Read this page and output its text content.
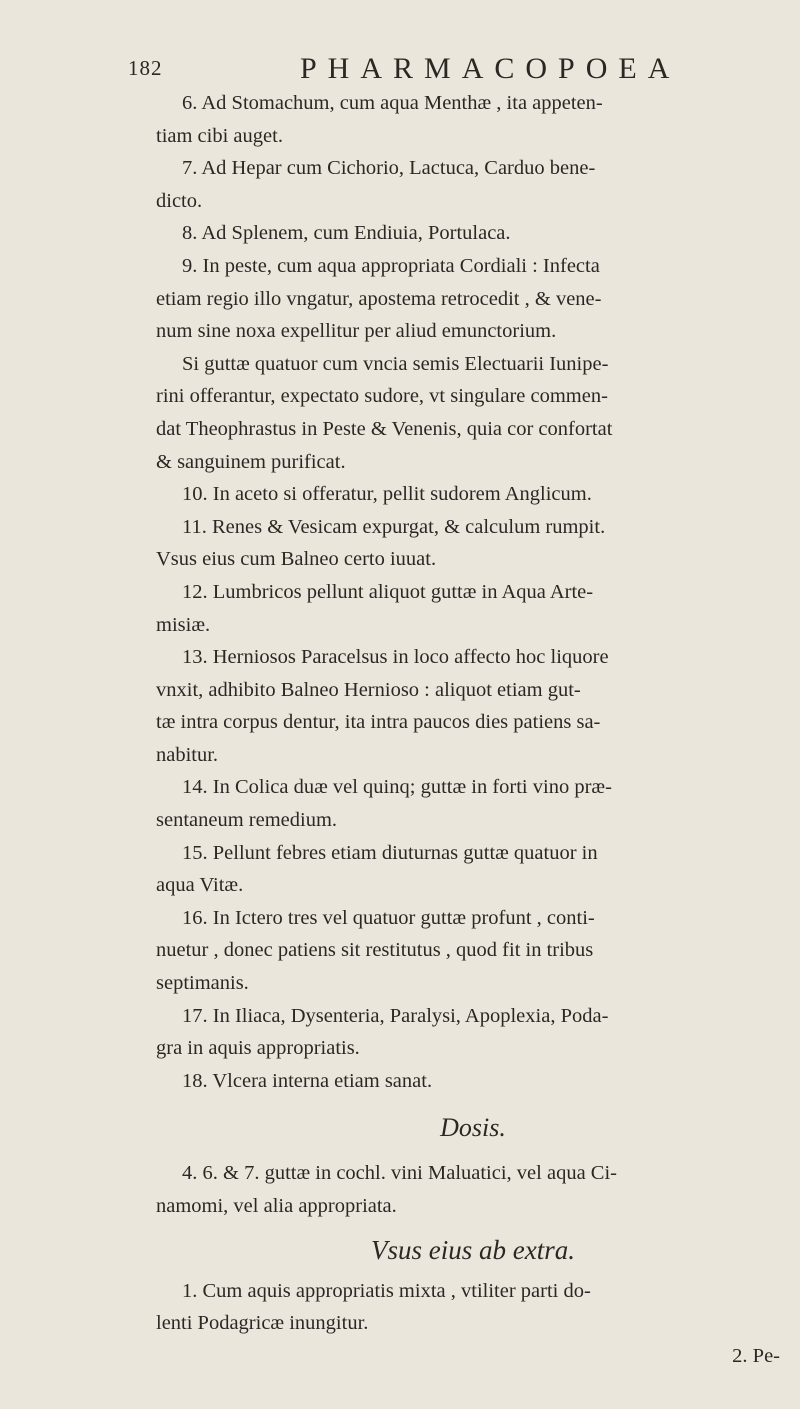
182	PHARMACOPOEA
6. Ad Stomachum, cum aqua Menthæ , ita appeten-
tiam cibi auget.
7. Ad Hepar cum Cichorio, Lactuca, Carduo bene-
dicto.
8. Ad Splenem, cum Endiuia, Portulaca.
9. In peste, cum aqua appropriata Cordiali : Infecta
etiam regio illo vngatur, apostema retrocedit , & vene-
num sine noxa expellitur per aliud emunctorium.
Si guttæ quatuor cum vncia semis Electuarii Iunipe-
rini offerantur, expectato sudore, vt singulare commen-
dat Theophrastus in Peste & Venenis, quia cor confortat
& sanguinem purificat.
10. In aceto si offeratur, pellit sudorem Anglicum.
11. Renes & Vesicam expurgat, & calculum rumpit.
Vsus eius cum Balneo certo iuuat.
12. Lumbricos pellunt aliquot guttæ in Aqua Arte-
misiæ.
13. Herniosos Paracelsus in loco affecto hoc liquore
vnxit, adhibito Balneo Hernioso : aliquot etiam gut-
tæ intra corpus dentur, ita intra paucos dies patiens sa-
nabitur.
14. In Colica duæ vel quinq; guttæ in forti vino præ-
sentaneum remedium.
15. Pellunt febres etiam diuturnas guttæ quatuor in
aqua Vitæ.
16. In Ictero tres vel quatuor guttæ profunt , conti-
nuetur , donec patiens sit restitutus , quod fit in tribus
septimanis.
17. In Iliaca, Dysenteria, Paralysi, Apoplexia, Poda-
gra in aquis appropriatis.
18. Vlcera interna etiam sanat.
Dosis.
4. 6. & 7. guttæ in cochl. vini Maluatici, vel aqua Ci-
namomi, vel alia appropriata.
Vsus eius ab extra.
1. Cum aquis appropriatis mixta , vtiliter parti do-
lenti Podagricæ inungitur.
2. Pe-
